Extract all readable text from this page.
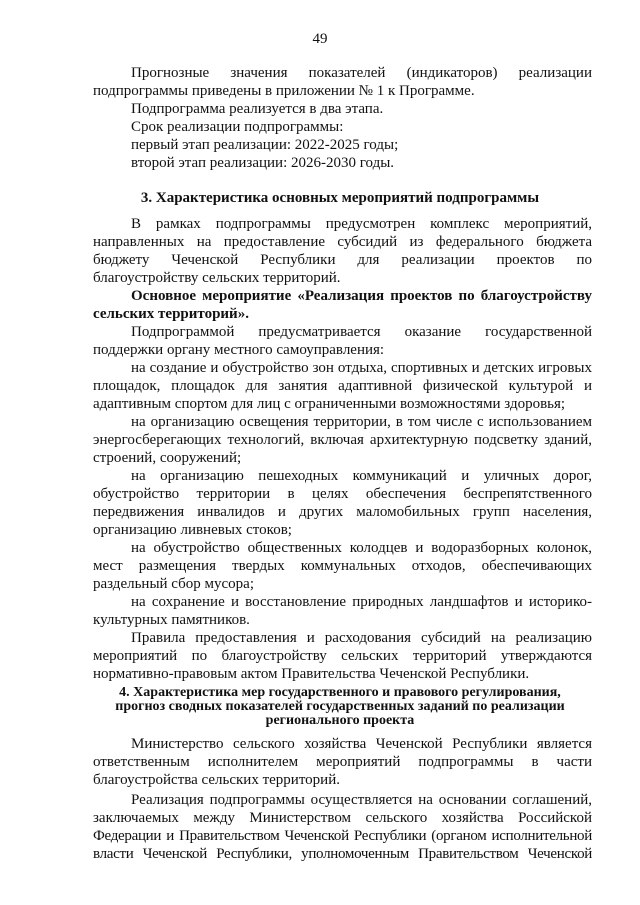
49
Прогнозные значения показателей (индикаторов) реализации
подпрограммы приведены в приложении № 1 к Программе.
Подпрограмма реализуется в два этапа.
Срок реализации подпрограммы:
первый этап реализации: 2022-2025 годы;
второй этап реализации: 2026-2030 годы.
3. Характеристика основных мероприятий подпрограммы
В рамках подпрограммы предусмотрен комплекс мероприятий,
направленных на предоставление субсидий из федерального бюджета
бюджету Чеченской Республики для реализации проектов по
благоустройству сельских территорий.
Основное мероприятие «Реализация проектов по благоустройству
сельских территорий».
Подпрограммой предусматривается оказание государственной
поддержки органу местного самоуправления:
на создание и обустройство зон отдыха, спортивных и детских игровых
площадок, площадок для занятия адаптивной физической культурой и
адаптивным спортом для лиц с ограниченными возможностями здоровья;
на организацию освещения территории, в том числе с использованием
энергосберегающих технологий, включая архитектурную подсветку зданий,
строений, сооружений;
на организацию пешеходных коммуникаций и уличных дорог,
обустройство территории в целях обеспечения беспрепятственного
передвижения инвалидов и других маломобильных групп населения,
организацию ливневых стоков;
на обустройство общественных колодцев и водоразборных колонок,
мест размещения твердых коммунальных отходов, обеспечивающих
раздельный сбор мусора;
на сохранение и восстановление природных ландшафтов и историко-
культурных памятников.
Правила предоставления и расходования субсидий на реализацию
мероприятий по благоустройству сельских территорий утверждаются
нормативно-правовым актом Правительства Чеченской Республики.
4. Характеристика мер государственного и правового регулирования,
прогноз сводных показателей государственных заданий по реализации
регионального проекта
Министерство сельского хозяйства Чеченской Республики является
ответственным исполнителем мероприятий подпрограммы в части
благоустройства сельских территорий.
Реализация подпрограммы осуществляется на основании соглашений,
заключаемых между Министерством сельского хозяйства Российской
Федерации и Правительством Чеченской Республики (органом исполнительной
власти Чеченской Республики, уполномоченным Правительством Чеченской
